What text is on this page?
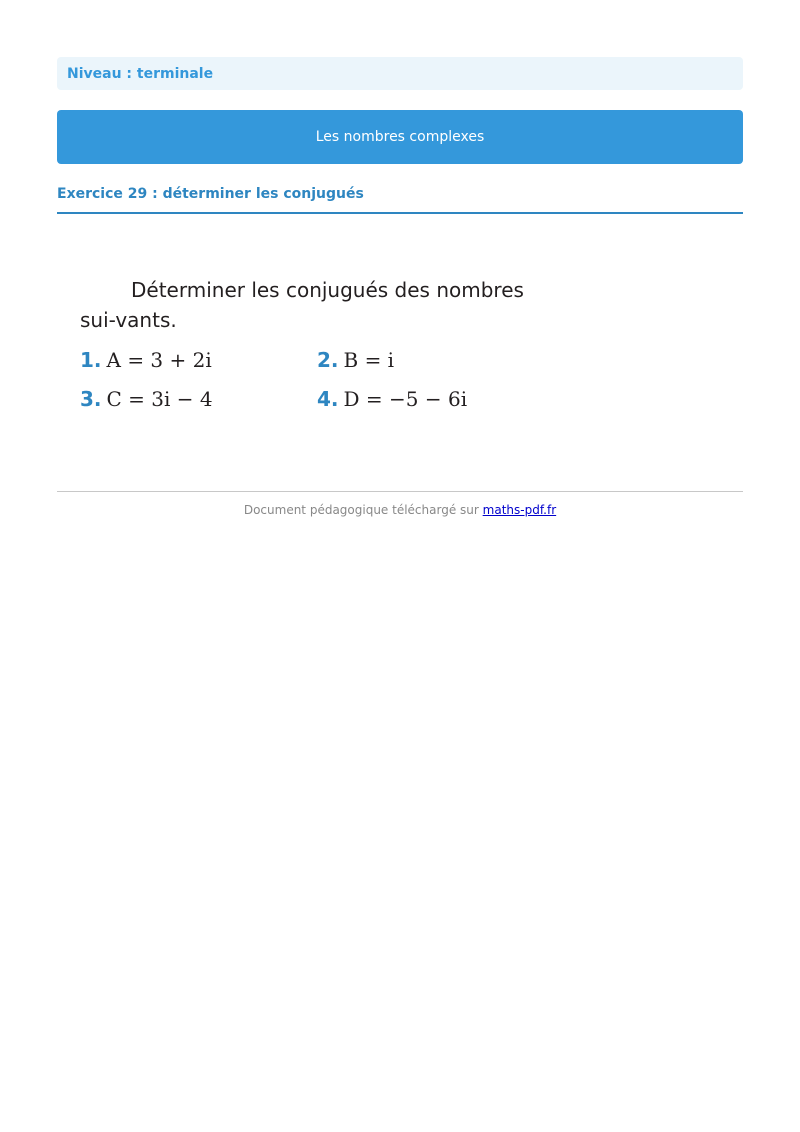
Niveau : terminale
Les nombres complexes
Exercice 29 : déterminer les conjugués
Déterminer les conjugués des nombres sui-vants.
1. A = 3 + 2i	2. B = i
3. C = 3i − 4	4. D = −5 − 6i
Document pédagogique téléchargé sur maths-pdf.fr
